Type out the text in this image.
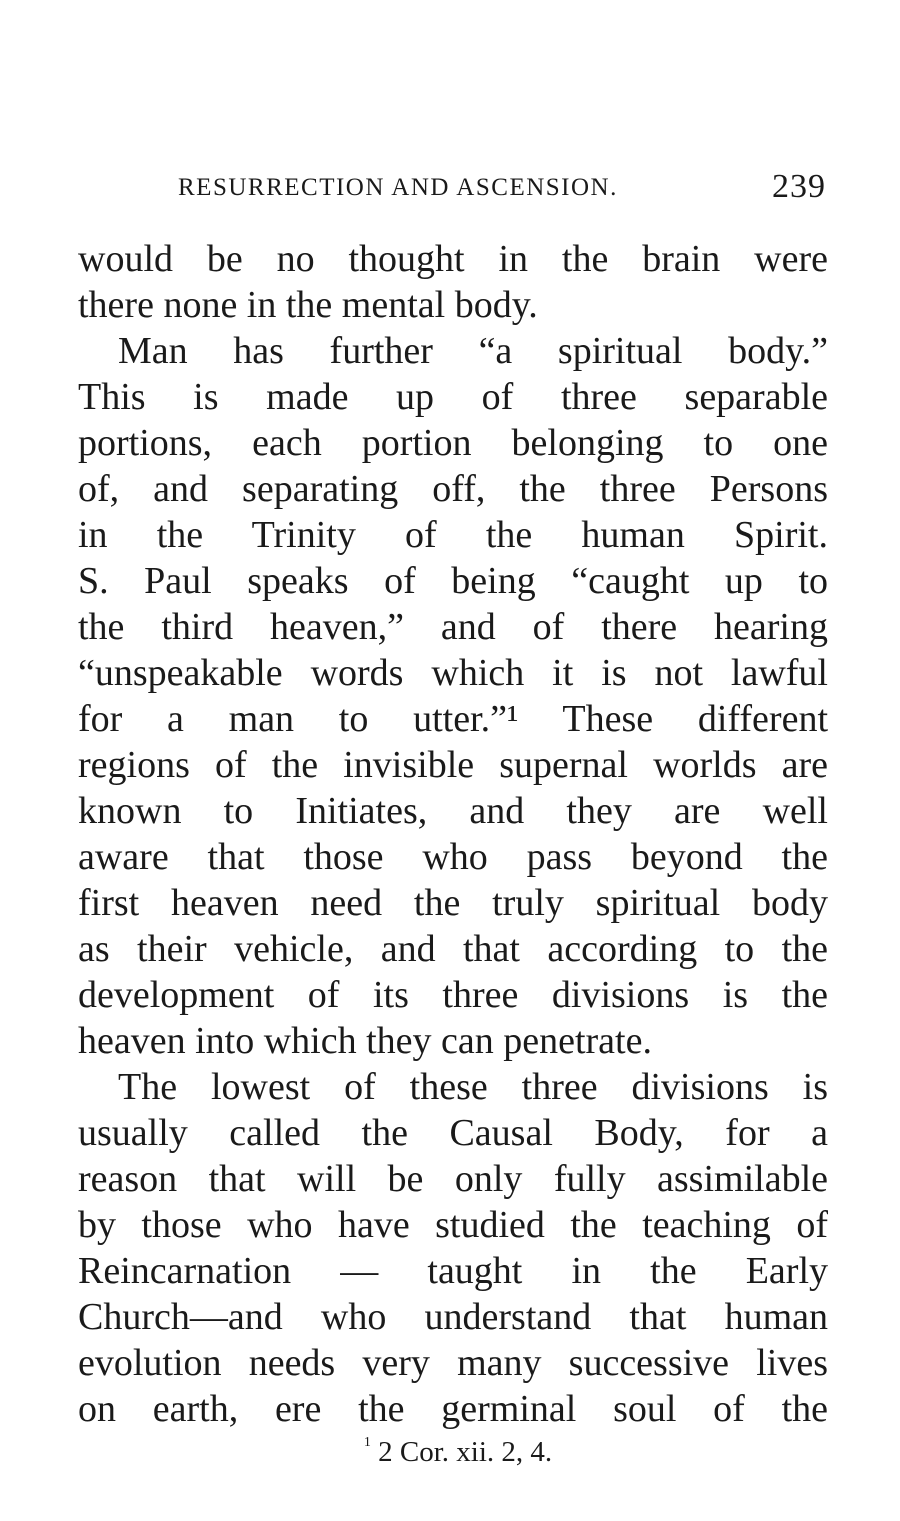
RESURRECTION AND ASCENSION.	239
would be no thought in the brain were
there none in the mental body.
Man has further “a spiritual body.”
This is made up of three separable
portions, each portion belonging to one
of, and separating off, the three Persons
in the Trinity of the human Spirit.
S. Paul speaks of being “caught up to
the third heaven,” and of there hearing
“unspeakable words which it is not lawful
for a man to utter.”¹ These different
regions of the invisible supernal worlds are
known to Initiates, and they are well
aware that those who pass beyond the
first heaven need the truly spiritual body
as their vehicle, and that according to the
development of its three divisions is the
heaven into which they can penetrate.
The lowest of these three divisions is
usually called the Causal Body, for a
reason that will be only fully assimilable
by those who have studied the teaching of
Reincarnation — taught in the Early
Church—and who understand that human
evolution needs very many successive lives
on earth, ere the germinal soul of the
$^1$ 2 Cor. xii. 2, 4.
